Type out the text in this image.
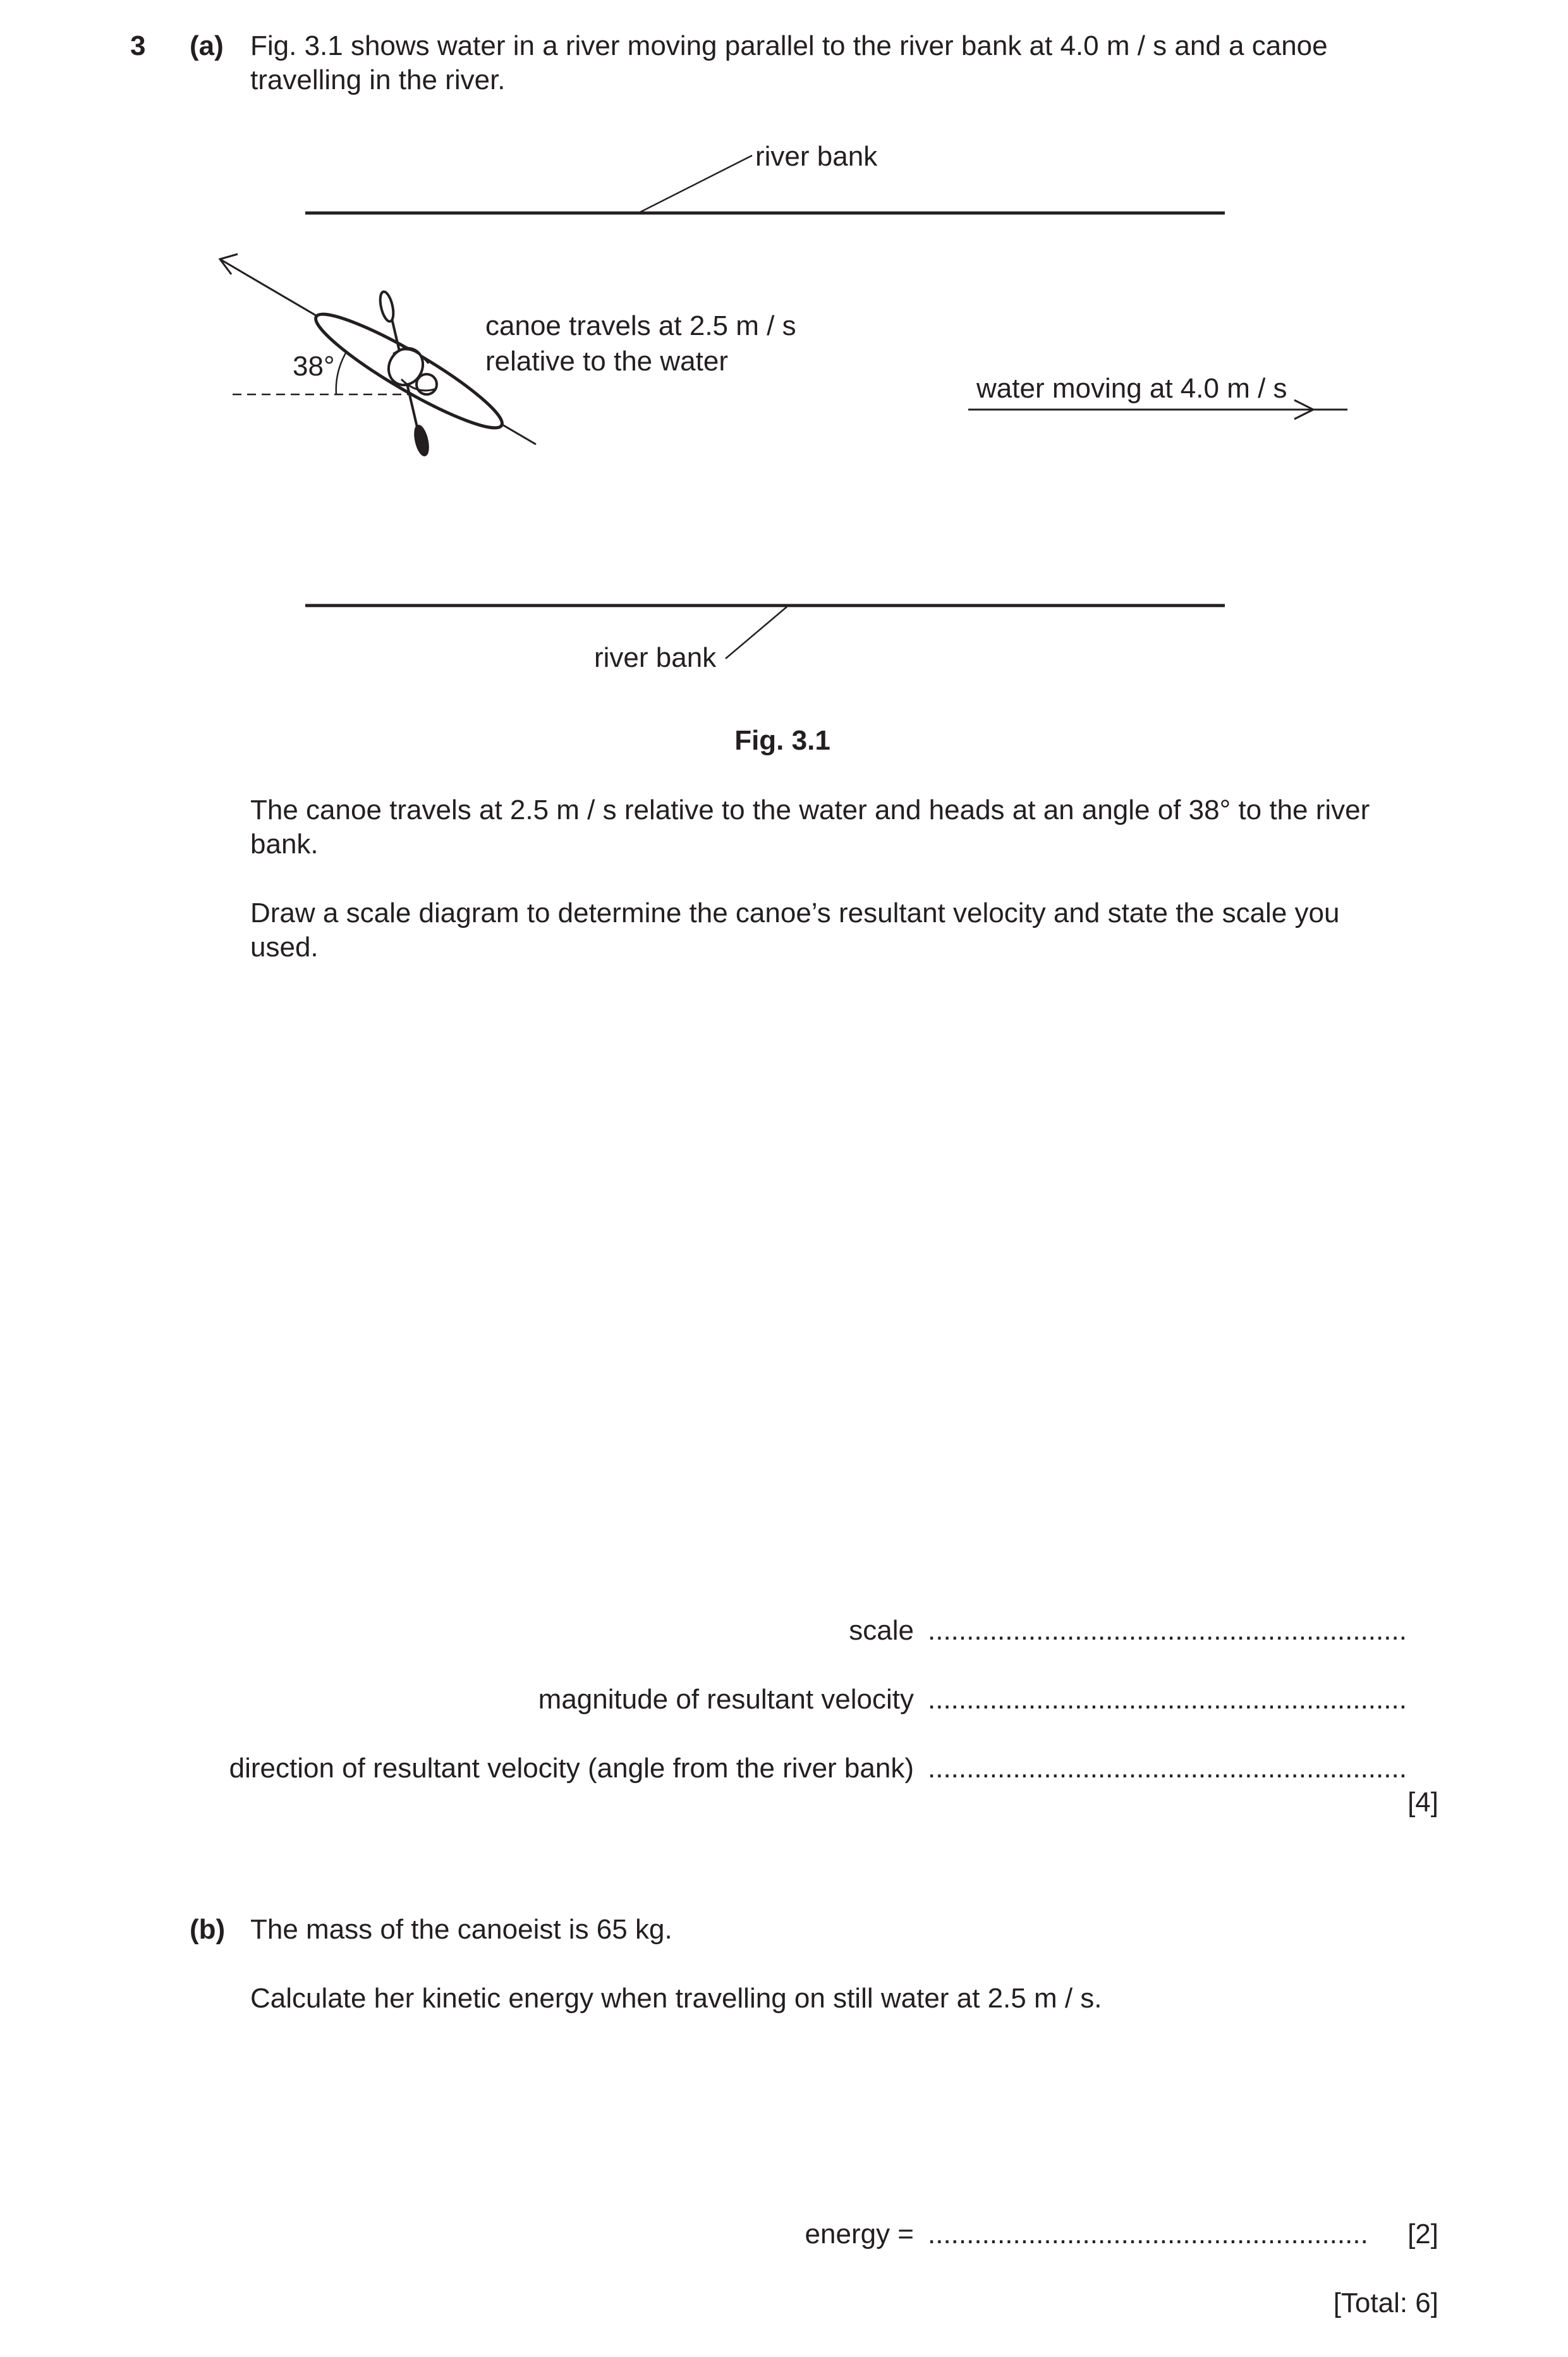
3 (a) Fig. 3.1 shows water in a river moving parallel to the river bank at 4.0 m / s and a canoe
travelling in the river.
river bank
river bank
38°
canoe travels at 2.5 m / s
relative to the water
water moving at 4.0 m / s
Fig. 3.1
The canoe travels at 2.5 m / s relative to the water and heads at an angle of 38° to the river
bank.
Draw a scale diagram to determine the canoe’s resultant velocity and state the scale you
used.
scale ..............................................................
magnitude of resultant velocity ..............................................................
direction of resultant velocity (angle from the river bank) ..............................................................
[4]
(b) The mass of the canoeist is 65 kg.
Calculate her kinetic energy when travelling on still water at 2.5 m / s.
energy = .........................................................	[2]
[Total: 6]
